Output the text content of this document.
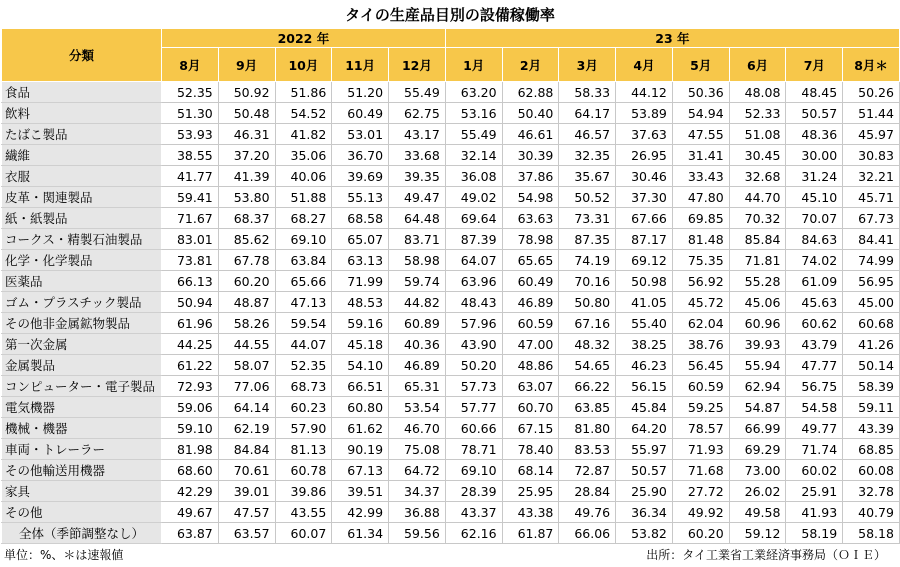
タイの生産品目別の設備稼働率
分類	2022 年					23 年							
	8月	9月	10月	11月	12月	1月	2月	3月	4月	5月	6月	7月	8月＊
食品	52.35	50.92	51.86	51.20	55.49	63.20	62.88	58.33	44.12	50.36	48.08	48.45	50.26
飲料	51.30	50.48	54.52	60.49	62.75	53.16	50.40	64.17	53.89	54.94	52.33	50.57	51.44
たばこ製品	53.93	46.31	41.82	53.01	43.17	55.49	46.61	46.57	37.63	47.55	51.08	48.36	45.97
繊維	38.55	37.20	35.06	36.70	33.68	32.14	30.39	32.35	26.95	31.41	30.45	30.00	30.83
衣服	41.77	41.39	40.06	39.69	39.35	36.08	37.86	35.67	30.46	33.43	32.68	31.24	32.21
皮革・関連製品	59.41	53.80	51.88	55.13	49.47	49.02	54.98	50.52	37.30	47.80	44.70	45.10	45.71
紙・紙製品	71.67	68.37	68.27	68.58	64.48	69.64	63.63	73.31	67.66	69.85	70.32	70.07	67.73
コークス・精製石油製品	83.01	85.62	69.10	65.07	83.71	87.39	78.98	87.35	87.17	81.48	85.84	84.63	84.41
化学・化学製品	73.81	67.78	63.84	63.13	58.98	64.07	65.65	74.19	69.12	75.35	71.81	74.02	74.99
医薬品	66.13	60.20	65.66	71.99	59.74	63.96	60.49	70.16	50.98	56.92	55.28	61.09	56.95
ゴム・プラスチック製品	50.94	48.87	47.13	48.53	44.82	48.43	46.89	50.80	41.05	45.72	45.06	45.63	45.00
その他非金属鉱物製品	61.96	58.26	59.54	59.16	60.89	57.96	60.59	67.16	55.40	62.04	60.96	60.62	60.68
第一次金属	44.25	44.55	44.07	45.18	40.36	43.90	47.00	48.32	38.25	38.76	39.93	43.79	41.26
金属製品	61.22	58.07	52.35	54.10	46.89	50.20	48.86	54.65	46.23	56.45	55.94	47.77	50.14
コンピューター・電子製品	72.93	77.06	68.73	66.51	65.31	57.73	63.07	66.22	56.15	60.59	62.94	56.75	58.39
電気機器	59.06	64.14	60.23	60.80	53.54	57.77	60.70	63.85	45.84	59.25	54.87	54.58	59.11
機械・機器	59.10	62.19	57.90	61.62	46.70	60.66	67.15	81.80	64.20	78.57	66.99	49.77	43.39
車両・トレーラー	81.98	84.84	81.13	90.19	75.08	78.71	78.40	83.53	55.97	71.93	69.29	71.74	68.85
その他輸送用機器	68.60	70.61	60.78	67.13	64.72	69.10	68.14	72.87	50.57	71.68	73.00	60.02	60.08
家具	42.29	39.01	39.86	39.51	34.37	28.39	25.95	28.84	25.90	27.72	26.02	25.91	32.78
その他	49.67	47.57	43.55	42.99	36.88	43.37	43.38	49.76	36.34	49.92	49.58	41.93	40.79
全体（季節調整なし）	63.87	63.57	60.07	61.34	59.56	62.16	61.87	66.06	53.82	60.20	59.12	58.19	58.18
単位：%、＊は速報値	出所：タイ工業省工業経済事務局（ＯＩＥ）
